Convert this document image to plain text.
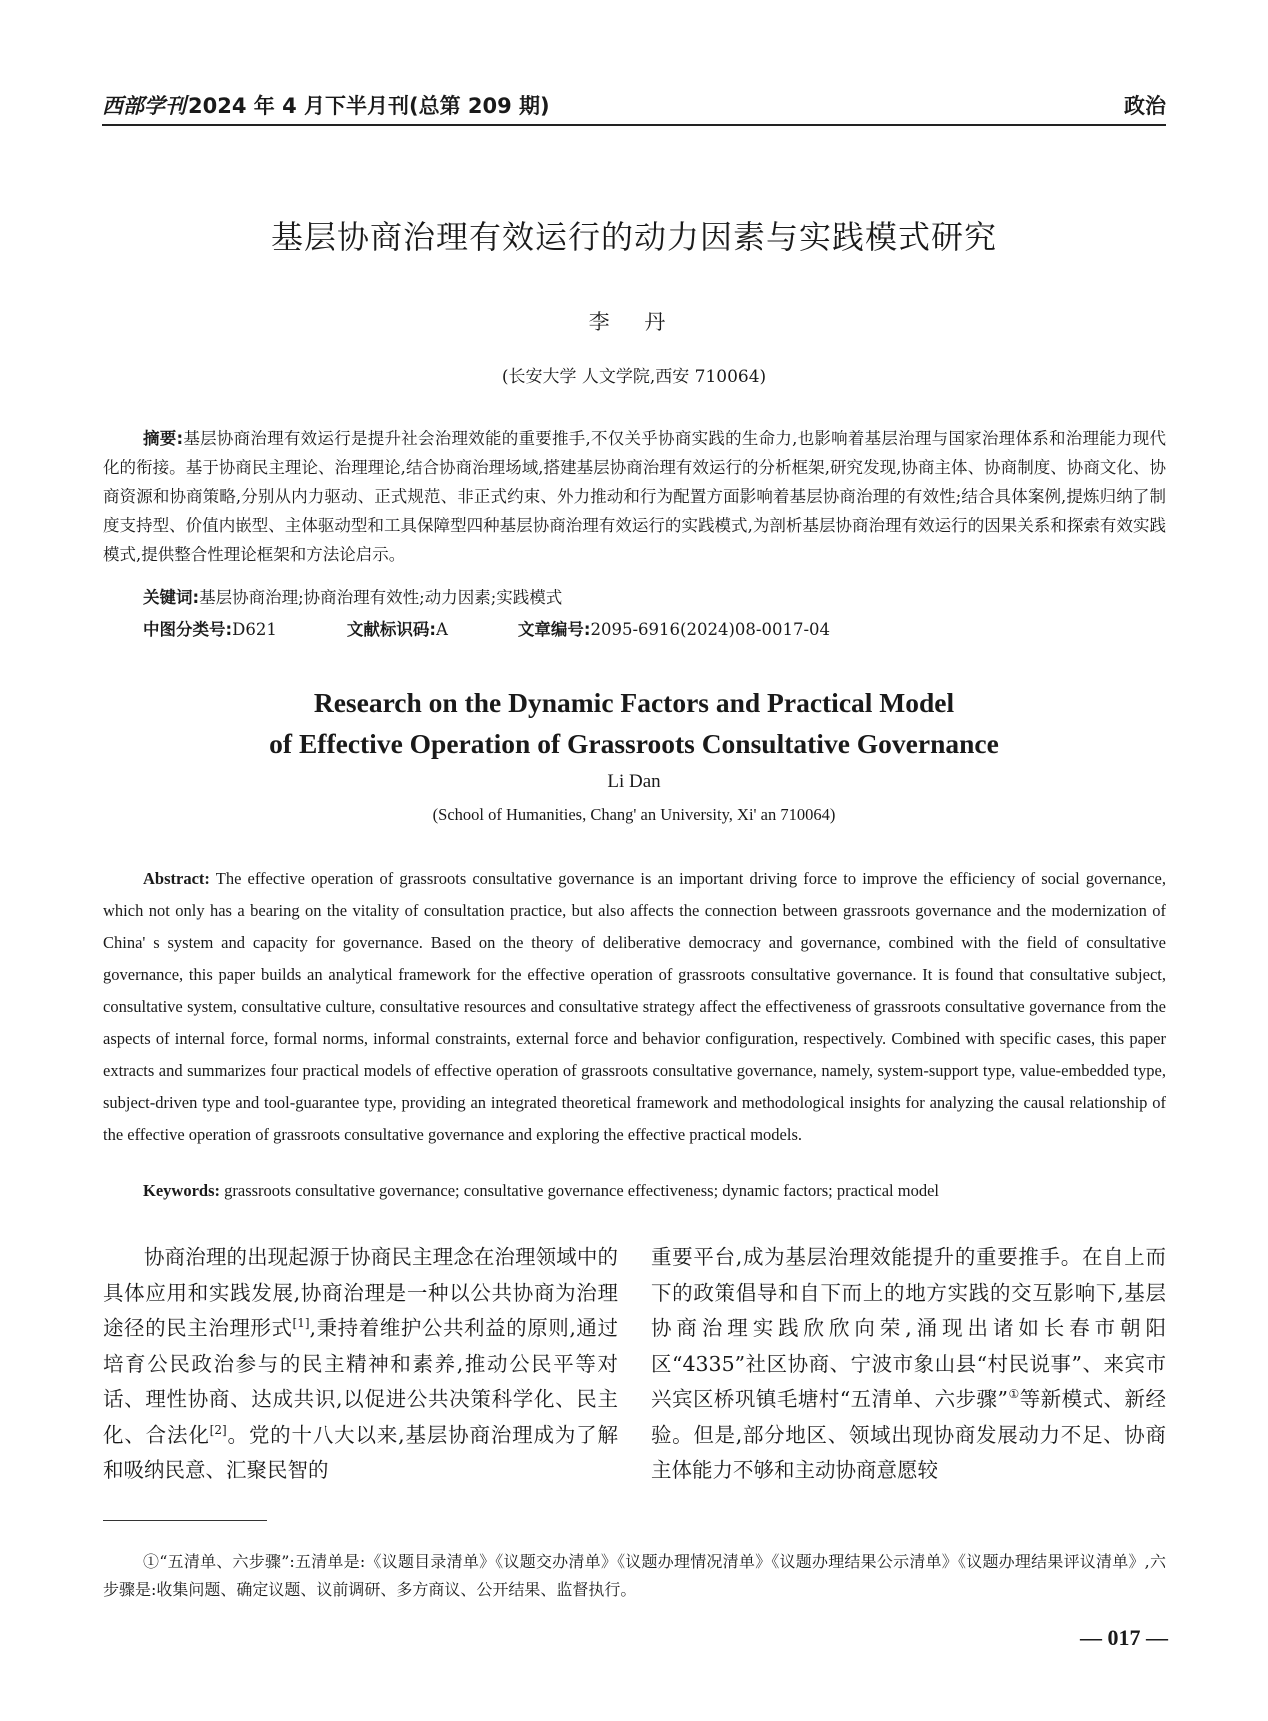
西部学刊 2024 年 4 月下半月刊(总第 209 期)	政治
基层协商治理有效运行的动力因素与实践模式研究
李 丹
(长安大学 人文学院,西安 710064)
摘要:基层协商治理有效运行是提升社会治理效能的重要推手,不仅关乎协商实践的生命力,也影响着基层治理与国家治理体系和治理能力现代化的衔接。基于协商民主理论、治理理论,结合协商治理场域,搭建基层协商治理有效运行的分析框架,研究发现,协商主体、协商制度、协商文化、协商资源和协商策略,分别从内力驱动、正式规范、非正式约束、外力推动和行为配置方面影响着基层协商治理的有效性;结合具体案例,提炼归纳了制度支持型、价值内嵌型、主体驱动型和工具保障型四种基层协商治理有效运行的实践模式,为剖析基层协商治理有效运行的因果关系和探索有效实践模式,提供整合性理论框架和方法论启示。
关键词:基层协商治理;协商治理有效性;动力因素;实践模式
中图分类号:D621	文献标识码:A	文章编号:2095-6916(2024)08-0017-04
Research on the Dynamic Factors and Practical Model
of Effective Operation of Grassroots Consultative Governance
Li Dan
(School of Humanities, Chang' an University, Xi' an 710064)
Abstract: The effective operation of grassroots consultative governance is an important driving force to improve the efficiency of social governance, which not only has a bearing on the vitality of consultation practice, but also affects the connection between grassroots governance and the modernization of China' s system and capacity for governance. Based on the theory of deliberative democracy and governance, combined with the field of consultative governance, this paper builds an analytical framework for the effective operation of grassroots consultative governance. It is found that consultative subject, consultative system, consultative culture, consultative resources and consultative strategy affect the effectiveness of grassroots consultative governance from the aspects of internal force, formal norms, informal constraints, external force and behavior configuration, respectively. Combined with specific cases, this paper extracts and summarizes four practical models of effective operation of grassroots consultative governance, namely, system-support type, value-embedded type, subject-driven type and tool-guarantee type, providing an integrated theoretical framework and methodological insights for analyzing the causal relationship of the effective operation of grassroots consultative governance and exploring the effective practical models.
Keywords: grassroots consultative governance; consultative governance effectiveness; dynamic factors; practical model
协商治理的出现起源于协商民主理念在治理领域中的具体应用和实践发展,协商治理是一种以公共协商为治理途径的民主治理形式[1],秉持着维护公共利益的原则,通过培育公民政治参与的民主精神和素养,推动公民平等对话、理性协商、达成共识,以促进公共决策科学化、民主化、合法化[2]。党的十八大以来,基层协商治理成为了解和吸纳民意、汇聚民智的
重要平台,成为基层治理效能提升的重要推手。在自上而下的政策倡导和自下而上的地方实践的交互影响下,基层协商治理实践欣欣向荣,涌现出诸如长春市朝阳区“4335”社区协商、宁波市象山县“村民说事”、来宾市兴宾区桥巩镇毛塘村“五清单、六步骤”①等新模式、新经验。但是,部分地区、领域出现协商发展动力不足、协商主体能力不够和主动协商意愿较
①“五清单、六步骤”:五清单是:《议题目录清单》《议题交办清单》《议题办理情况清单》《议题办理结果公示清单》《议题办理结果评议清单》,六步骤是:收集问题、确定议题、议前调研、多方商议、公开结果、监督执行。
— 017 —
